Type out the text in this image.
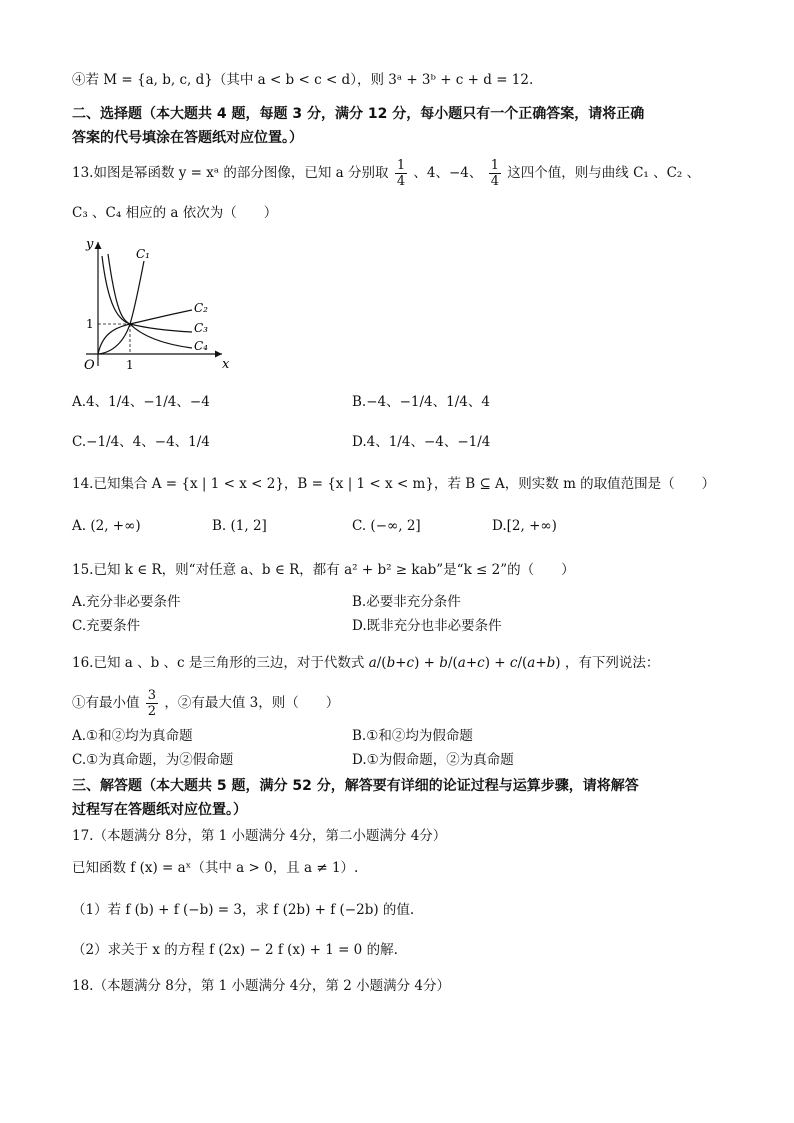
④若 M = {a, b, c, d}（其中 a < b < c < d），则 3ᵃ + 3ᵇ + c + d = 12.
二、选择题（本大题共 4 题，每题 3 分，满分 12 分，每小题只有一个正确答案，请将正确
答案的代号填涂在答题纸对应位置。）
13.如图是幂函数 y = xᵃ 的部分图像，已知 a 分别取 $\frac{1}{4}$ 、4、−4、 $\frac{1}{4}$ 这四个值，则与曲线 C₁ 、C₂ 、
C₃ 、C₄ 相应的 a 依次为（　　）
y
x
O	1
1
C₁
C₂
C₃
C₄
A.4、1/4、−1/4、−4	B.−4、−1/4、1/4、4
C.−1/4、4、−4、1/4	D.4、1/4、−4、−1/4
14.已知集合 A = {x | 1 < x < 2}，B = {x | 1 < x < m}，若 B ⊆ A，则实数 m 的取值范围是（　　）
A. (2, +∞)	B. (1, 2]	C. (−∞, 2]	D.[2, +∞)
15.已知 k ∈ R，则“对任意 a、b ∈ R，都有 a² + b² ≥ kab”是“k ≤ 2”的（　　）
A.充分非必要条件	B.必要非充分条件
C.充要条件	D.既非充分也非必要条件
16.已知 a 、b 、c 是三角形的三边，对于代数式 a/(b+c) + b/(a+c) + c/(a+b) ，有下列说法：
①有最小值 $\frac{3}{2}$ ，②有最大值 3，则（　　）
A.①和②均为真命题	B.①和②均为假命题
C.①为真命题，为②假命题	D.①为假命题，②为真命题
三、解答题（本大题共 5 题，满分 52 分，解答要有详细的论证过程与运算步骤，请将解答
过程写在答题纸对应位置。）
17.（本题满分 8分，第 1 小题满分 4分，第二小题满分 4分）
已知函数 f (x) = aˣ（其中 a > 0，且 a ≠ 1）.
（1）若 f (b) + f (−b) = 3，求 f (2b) + f (−2b) 的值.
（2）求关于 x 的方程 f (2x) − 2 f (x) + 1 = 0 的解.
18.（本题满分 8分，第 1 小题满分 4分，第 2 小题满分 4分）
